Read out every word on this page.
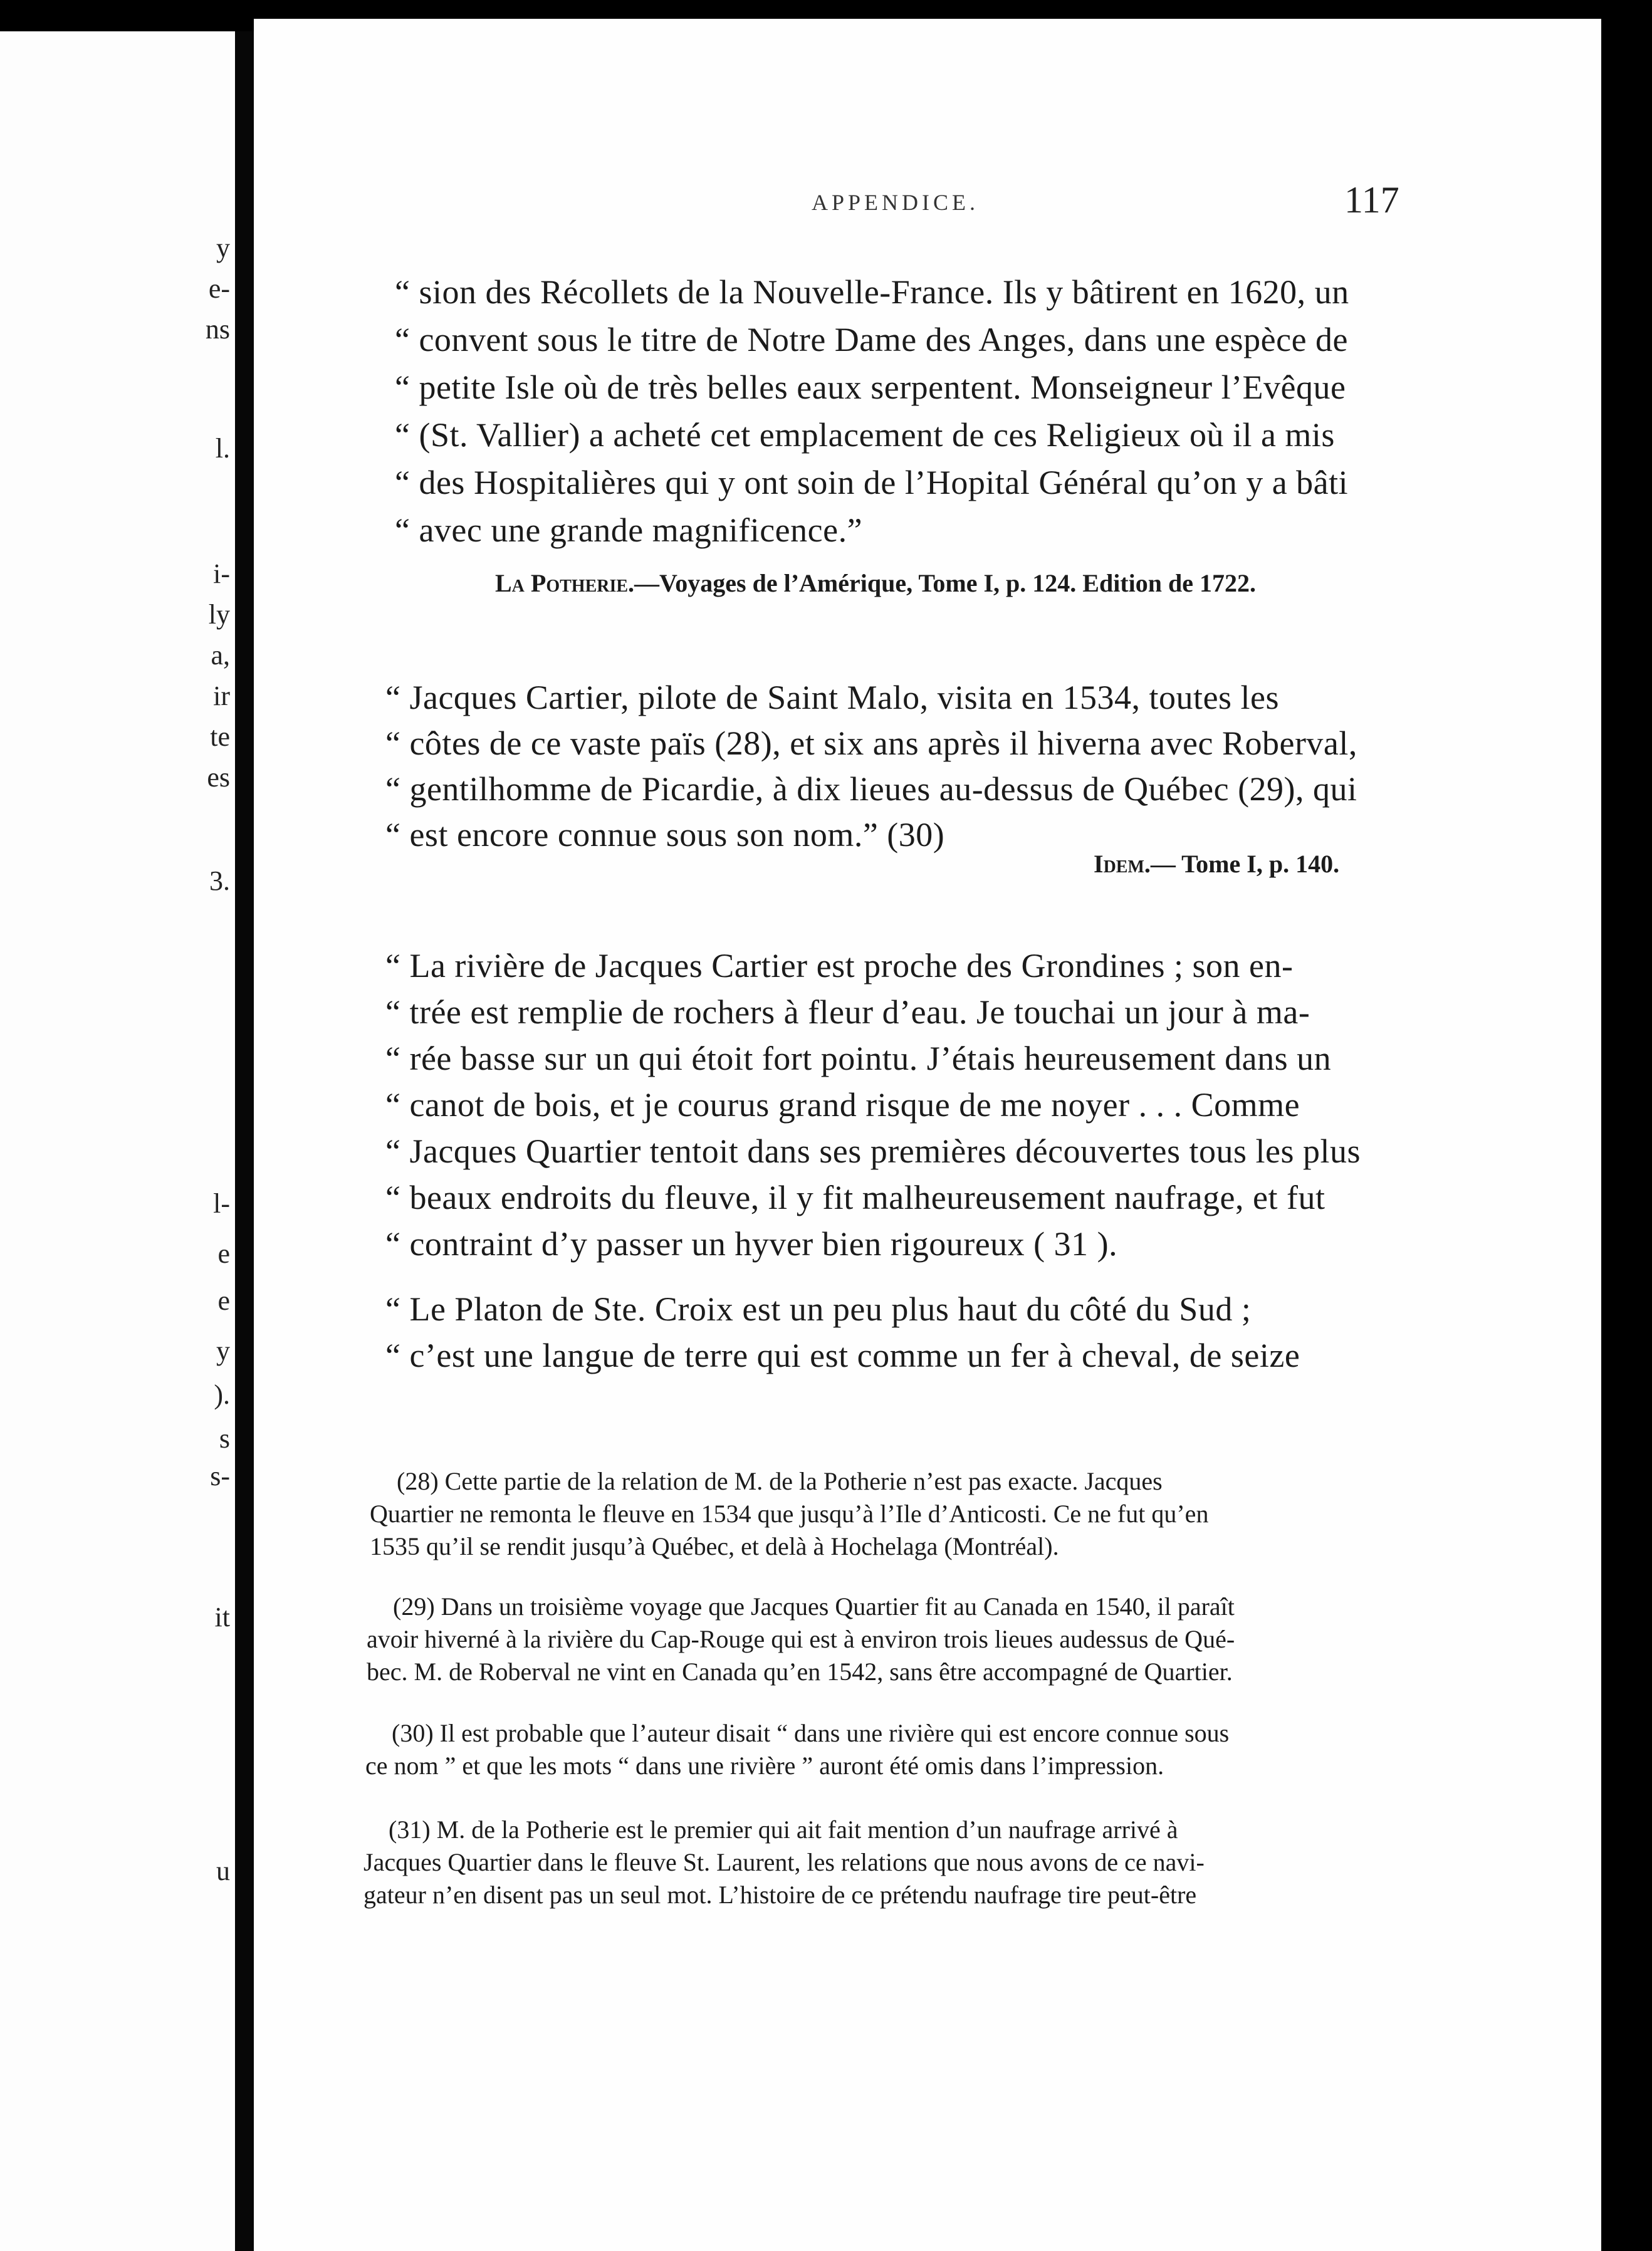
y
e-
ns
l.
i-
ly
a,
ir
te
es
3.
l-
e
e
y
).
s
s-
it
u
APPENDICE.	117
“ sion des Récollets de la Nouvelle-France. Ils y bâtirent en 1620, un
“ convent sous le titre de Notre Dame des Anges, dans une espèce de
“ petite Isle où de très belles eaux serpentent. Monseigneur l’Evêque
“ (St. Vallier) a acheté cet emplacement de ces Religieux où il a mis
“ des Hospitalières qui y ont soin de l’Hopital Général qu’on y a bâti
“ avec une grande magnificence.”
La Potherie.—Voyages de l’Amérique, Tome I, p. 124. Edition de 1722.
“ Jacques Cartier, pilote de Saint Malo, visita en 1534, toutes les
“ côtes de ce vaste païs (28), et six ans après il hiverna avec Roberval,
“ gentilhomme de Picardie, à dix lieues au-dessus de Québec (29), qui
“ est encore connue sous son nom.” (30)
Idem.— Tome I, p. 140.
“ La rivière de Jacques Cartier est proche des Grondines ; son en-
“ trée est remplie de rochers à fleur d’eau. Je touchai un jour à ma-
“ rée basse sur un qui étoit fort pointu. J’étais heureusement dans un
“ canot de bois, et je courus grand risque de me noyer . . . Comme
“ Jacques Quartier tentoit dans ses premières découvertes tous les plus
“ beaux endroits du fleuve, il y fit malheureusement naufrage, et fut
“ contraint d’y passer un hyver bien rigoureux ( 31 ).
“ Le Platon de Ste. Croix est un peu plus haut du côté du Sud ;
“ c’est une langue de terre qui est comme un fer à cheval, de seize
(28) Cette partie de la relation de M. de la Potherie n’est pas exacte. Jacques
Quartier ne remonta le fleuve en 1534 que jusqu’à l’Ile d’Anticosti. Ce ne fut qu’en
1535 qu’il se rendit jusqu’à Québec, et delà à Hochelaga (Montréal).
(29) Dans un troisième voyage que Jacques Quartier fit au Canada en 1540, il paraît
avoir hiverné à la rivière du Cap-Rouge qui est à environ trois lieues audessus de Qué-
bec. M. de Roberval ne vint en Canada qu’en 1542, sans être accompagné de Quartier.
(30) Il est probable que l’auteur disait “ dans une rivière qui est encore connue sous
ce nom ” et que les mots “ dans une rivière ” auront été omis dans l’impression.
(31) M. de la Potherie est le premier qui ait fait mention d’un naufrage arrivé à
Jacques Quartier dans le fleuve St. Laurent, les relations que nous avons de ce navi-
gateur n’en disent pas un seul mot. L’histoire de ce prétendu naufrage tire peut-être
